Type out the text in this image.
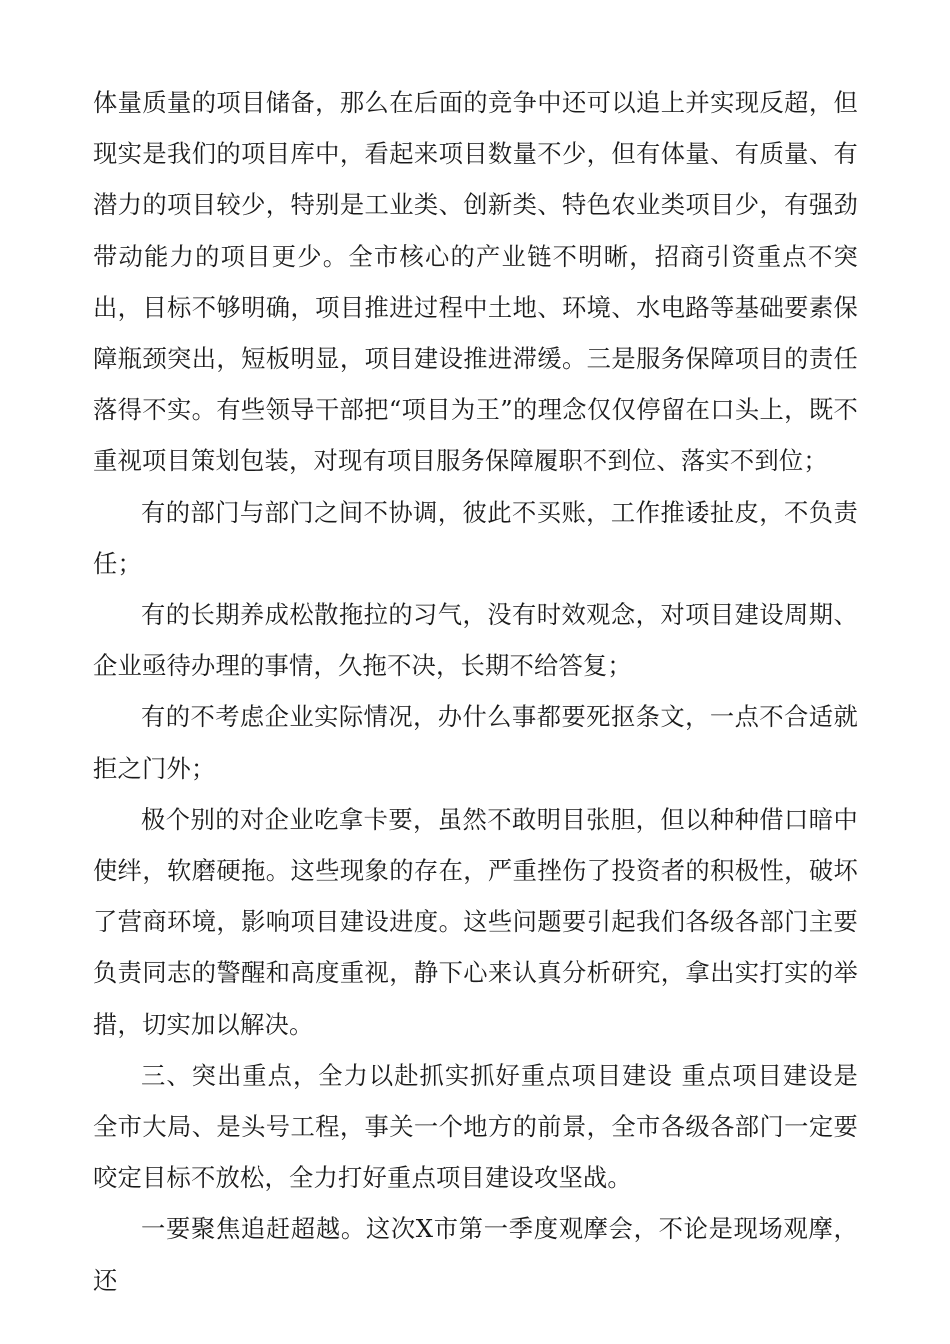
体量质量的项目储备，那么在后面的竞争中还可以追上并实现反超，但现实是我们的项目库中，看起来项目数量不少，但有体量、有质量、有潜力的项目较少，特别是工业类、创新类、特色农业类项目少，有强劲带动能力的项目更少。全市核心的产业链不明晰，招商引资重点不突出，目标不够明确，项目推进过程中土地、环境、水电路等基础要素保障瓶颈突出，短板明显，项目建设推进滞缓。三是服务保障项目的责任落得不实。有些领导干部把“项目为王”的理念仅仅停留在口头上，既不重视项目策划包装，对现有项目服务保障履职不到位、落实不到位；

有的部门与部门之间不协调，彼此不买账，工作推诿扯皮，不负责任；

有的长期养成松散拖拉的习气，没有时效观念，对项目建设周期、企业亟待办理的事情，久拖不决，长期不给答复；

有的不考虑企业实际情况，办什么事都要死抠条文，一点不合适就拒之门外；

极个别的对企业吃拿卡要，虽然不敢明目张胆，但以种种借口暗中使绊，软磨硬拖。这些现象的存在，严重挫伤了投资者的积极性，破坏了营商环境，影响项目建设进度。这些问题要引起我们各级各部门主要负责同志的警醒和高度重视，静下心来认真分析研究，拿出实打实的举措，切实加以解决。

三、突出重点，全力以赴抓实抓好重点项目建设 重点项目建设是全市大局、是头号工程，事关一个地方的前景，全市各级各部门一定要咬定目标不放松，全力打好重点项目建设攻坚战。

一要聚焦追赶超越。这次X市第一季度观摩会，不论是现场观摩，还
